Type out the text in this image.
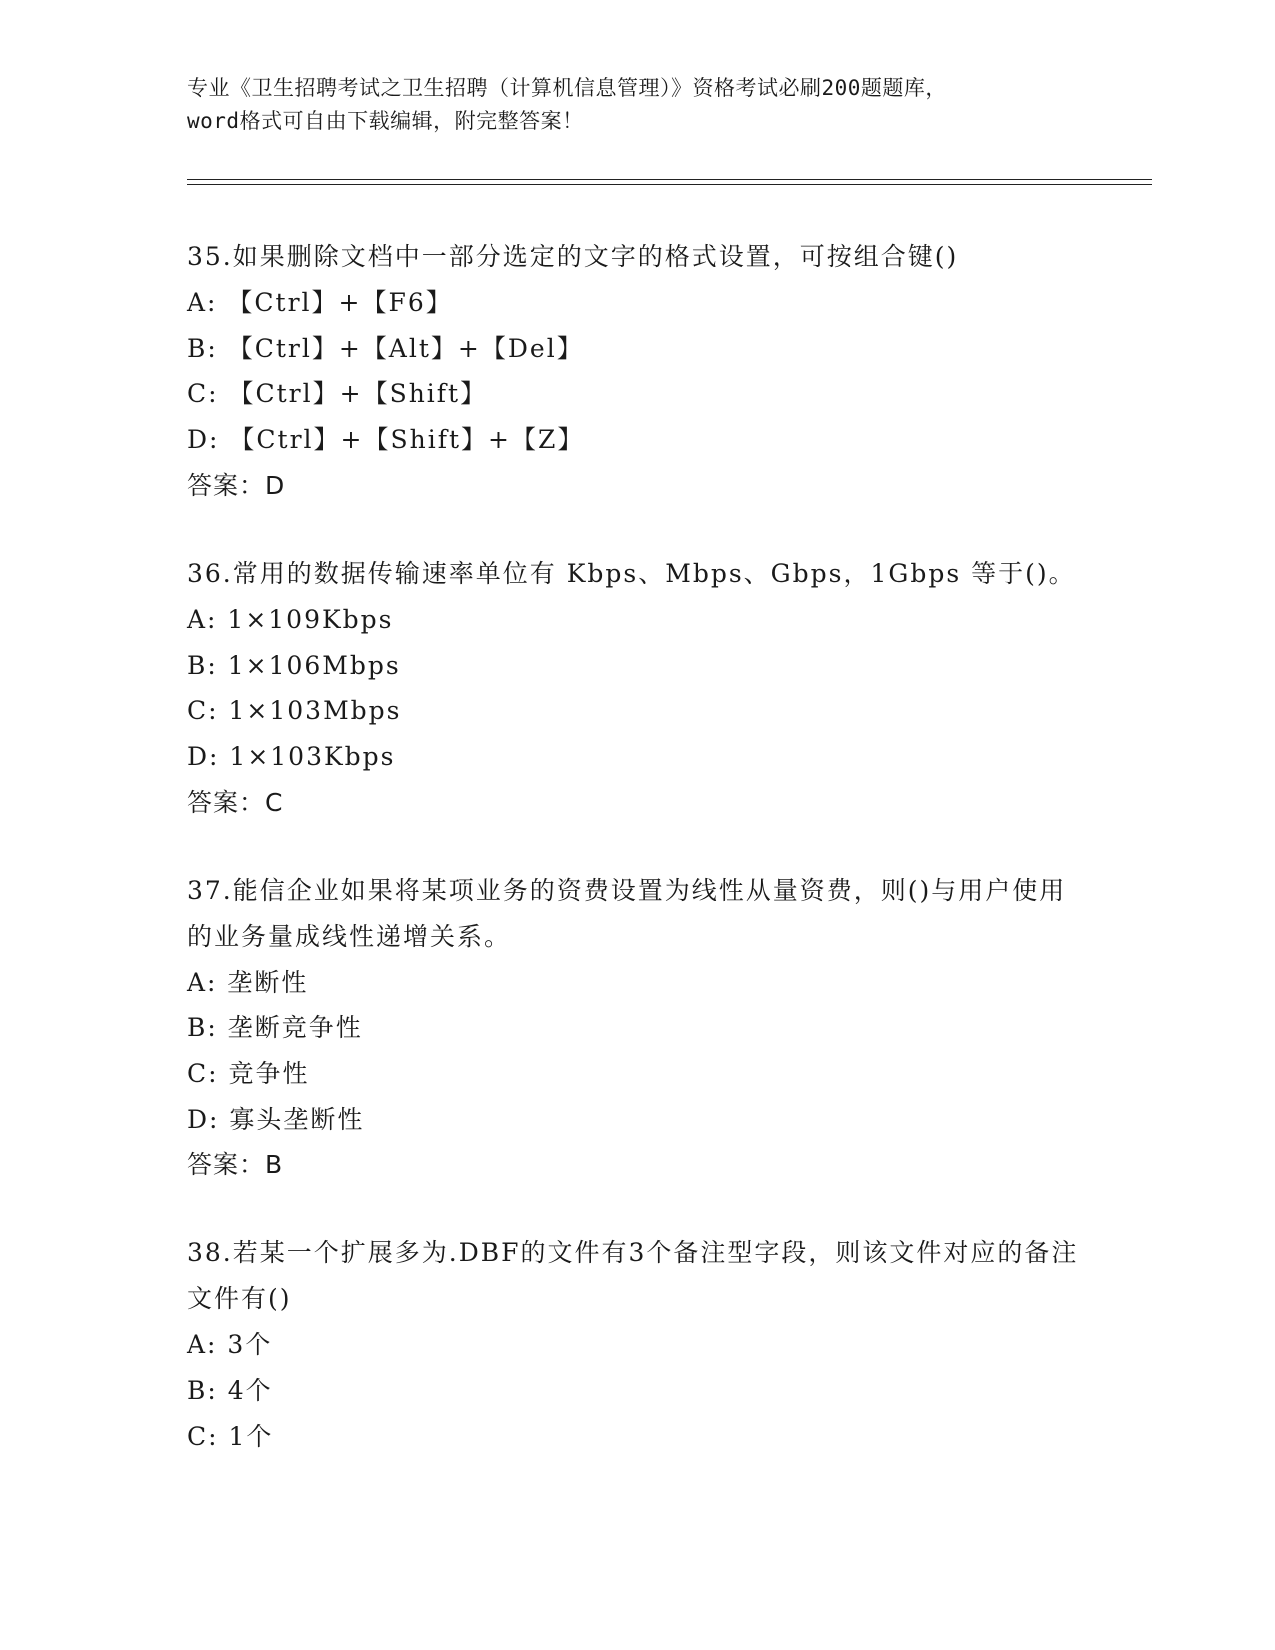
专业《卫生招聘考试之卫生招聘（计算机信息管理）》资格考试必刷200题题库，
word格式可自由下载编辑，附完整答案！
35.如果删除文档中一部分选定的文字的格式设置，可按组合键()
A: 【Ctrl】+【F6】
B: 【Ctrl】+【Alt】+【Del】
C: 【Ctrl】+【Shift】
D: 【Ctrl】+【Shift】+【Z】
答案：D
36.常用的数据传输速率单位有 Kbps、Mbps、Gbps，1Gbps 等于()。
A: 1×109Kbps
B: 1×106Mbps
C: 1×103Mbps
D: 1×103Kbps
答案：C
37.能信企业如果将某项业务的资费设置为线性从量资费，则()与用户使用的业务量成线性递增关系。
A: 垄断性
B: 垄断竞争性
C: 竞争性
D: 寡头垄断性
答案：B
38.若某一个扩展多为.DBF的文件有3个备注型字段，则该文件对应的备注文件有()
A: 3个
B: 4个
C: 1个
